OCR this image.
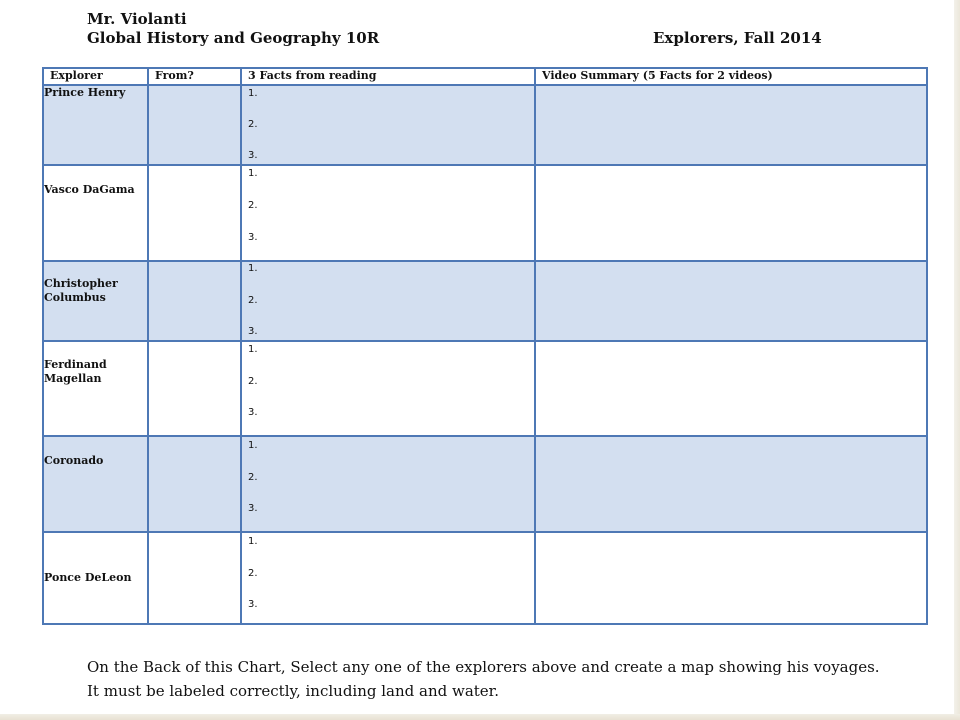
Mr. Violanti
Global History and Geography 10R	Explorers, Fall 2014
Explorer	From?	3 Facts from reading	Video Summary (5 Facts for 2 videos)
Prince Henry		1.
2.
3.	

Vasco DaGama		1.
2.
3.	

Christopher Columbus		1.
2.
3.	

Ferdinand Magellan		1.
2.
3.	

Coronado		1.
2.
3.	

Ponce DeLeon		1.
2.
3.	

On the Back of this Chart, Select any one of the explorers above and create a map showing his voyages. It must be labeled correctly, including land and water.
